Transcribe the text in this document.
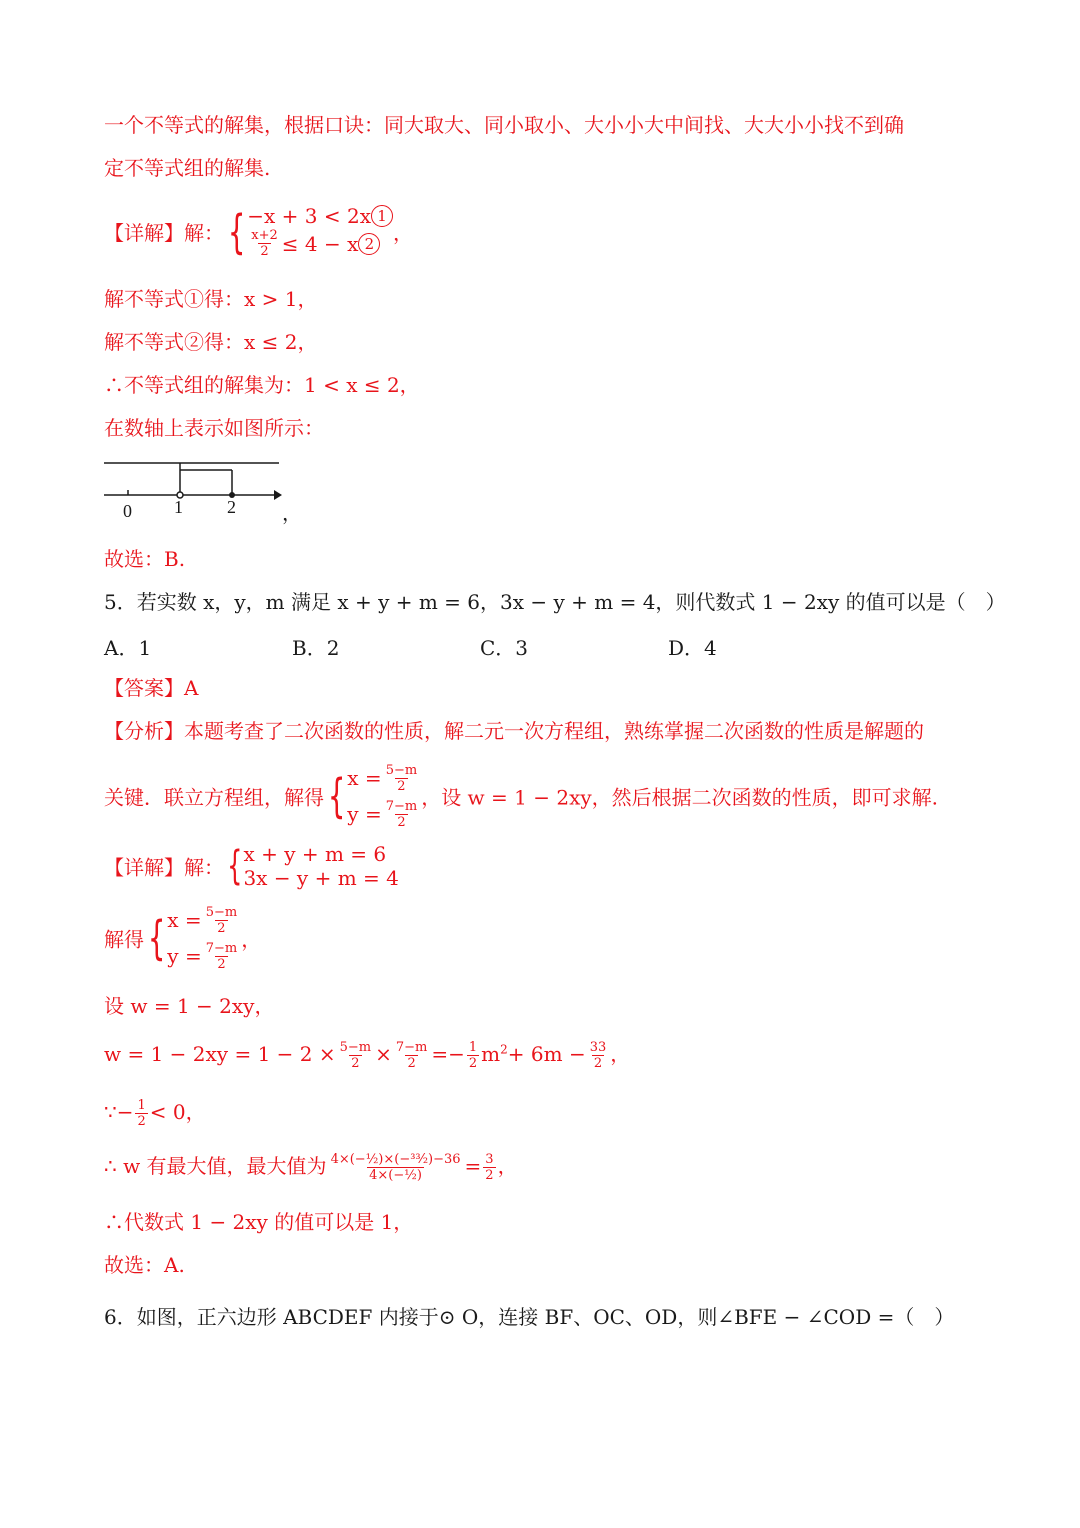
一个不等式的解集，根据口诀：同大取大、同小取小、大小小大中间找、大大小小找不到确
定不等式组的解集.
【详解】解：{ −x + 3 < 2x 1
$\frac{x+2}{2} \le 4 - x$ 2 ，
解不等式①得：x > 1，
解不等式②得：x ≤ 2，
∴不等式组的解集为：1 < x ≤ 2，
在数轴上表示如图所示：
0 1 2 ，
故选：B.
5．若实数 x，y，m 满足 x + y + m = 6，3x − y + m = 4，则代数式 1 − 2xy 的值可以是（　）
A．1	B．2	C．3	D．4
【答案】A
【分析】本题考查了二次函数的性质，解二元一次方程组，熟练掌握二次函数的性质是解题的
关键．联立方程组，解得{ $x = \frac{5-m}{2}$
$y = \frac{7-m}{2}$
，设 w = 1 − 2xy，然后根据二次函数的性质，即可求解.
【详解】解：{ x + y + m = 6
3x − y + m = 4
解得{ $x = \frac{5-m}{2}$
$y = \frac{7-m}{2}$
，
设 w = 1 − 2xy，
$w = 1 - 2xy = 1 - 2 \times \frac{5-m}{2} \times \frac{7-m}{2} =- \frac{1}{2} m^2+ 6m - \frac{33}{2}$ ，
∵− $\frac{1}{2} < 0$，
∴ w 有最大值，最大值为 $\frac{\text{4×(−½)×(−³³⁄₂)−36}}{\text{4×(−½)}} = \frac{3}{2}$ ，
∴代数式 1 − 2xy 的值可以是 1，
故选：A.
6．如图，正六边形 ABCDEF 内接于⊙ O，连接 BF、OC、OD，则∠BFE − ∠COD =（　）
